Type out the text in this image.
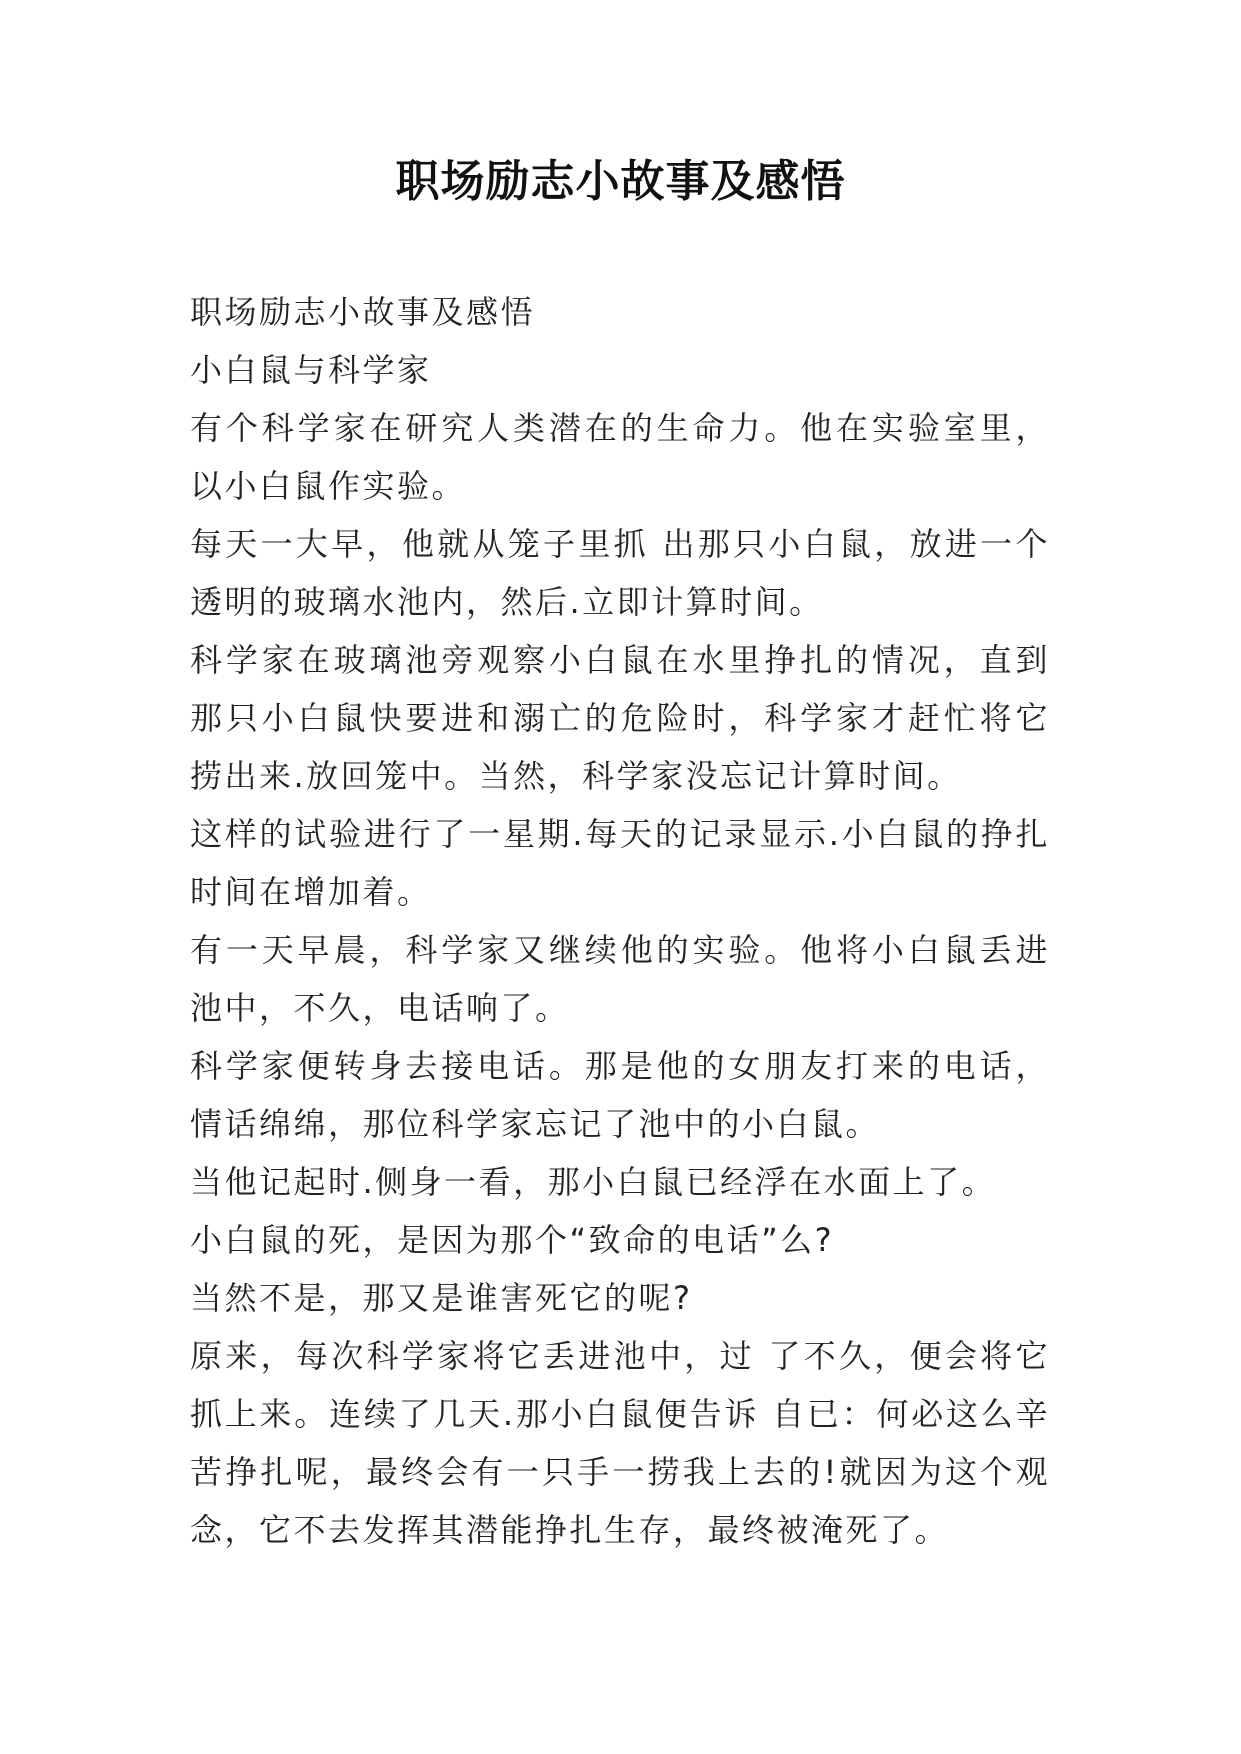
职场励志小故事及感悟

职场励志小故事及感悟

小白鼠与科学家

有个科学家在研究人类潜在的生命力。他在实验室里，以小白鼠作实验。

每天一大早，他就从笼子里抓 出那只小白鼠，放进一个透明的玻璃水池内，然后.立即计算时间。

科学家在玻璃池旁观察小白鼠在水里挣扎的情况，直到那只小白鼠快要进和溺亡的危险时，科学家才赶忙将它捞出来.放回笼中。当然，科学家没忘记计算时间。

这样的试验进行了一星期.每天的记录显示.小白鼠的挣扎时间在增加着。

有一天早晨，科学家又继续他的实验。他将小白鼠丢进池中，不久，电话响了。

科学家便转身去接电话。那是他的女朋友打来的电话，情话绵绵，那位科学家忘记了池中的小白鼠。

当他记起时.侧身一看，那小白鼠已经浮在水面上了。

小白鼠的死，是因为那个“致命的电话”么?

当然不是，那又是谁害死它的呢?

原来，每次科学家将它丢进池中，过 了不久，便会将它抓上来。连续了几天.那小白鼠便告诉 自已：何必这么辛苦挣扎呢，最终会有一只手一捞我上去的!就因为这个观念，它不去发挥其潜能挣扎生存，最终被淹死了。
